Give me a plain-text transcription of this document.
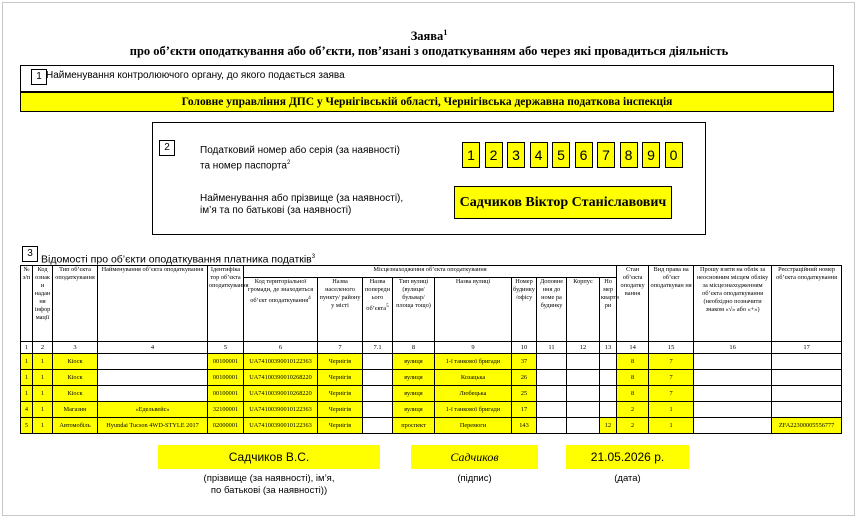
Заява$^1$
про об’єкти оподаткування або об’єкти, пов’язані з оподаткуванням або через які провадиться діяльність
1 Найменування контролюючого органу, до якого подається заява
Головне управління ДПС у Чернігівській області, Чернігівська державна податкова інспекція
2	Податковий номер або серія (за наявності)
та номер паспорта$^2$	1	2	3	4	5	6	7	8	9	0
Найменування або прізвище (за наявності),
ім’я та по батькові (за наявності)
Садчиков Віктор Станіславович
3 Відомості про об’єкти оподаткування платника податків$^3$
№ з/п	Код ознак и надан ня інфор мації	Тип об’єкта оподаткування	Найменування об’єкта оподаткування	Ідентифіка тор об’єкта оподаткування	Місцезнаходження об’єкта оподаткування									Стан об’єкта оподатку вання	Вид права на об’єкт оподаткуван ня	Прошу взяти на облік за неосновним місцем обліку за місцезнаходженням об’єкта оподаткування (необхідно позначити знаком «√» або «+»)	Реєстраційний номер об’єкта оподаткування
					Код територіальної громади, де знаходиться об’єкт оподаткування$^4$	Назва населеного пункту/ району у місті	Назва попередн ього об’єкта$^5$	Тип вулиці (вулиця/ бульвар/ площа тощо)	Назва вулиці	Номер будинку /офісу	Доповне ння до номе ра будинку	Корпус	Но мер кварти ри				
1	2	3	4	5	6	7	7.1	8	9	10	11	12	13	14	15	16	17
1	1	Кіоск		00100001	UA74100390010122363	Чернігів		вулиця	1-ї танкової бригади	37				8	7		
1	1	Кіоск		00100001	UA74100390010268220	Чернігів		вулиця	Козацька	26				8	7		
1	1	Кіоск		00100001	UA74100390010268220	Чернігів		вулиця	Любецька	25				8	7		
4	1	Магазин	«Едельвейс»	32100001	UA74100390010122363	Чернігів		вулиця	1-ї танкової бригади	17				2	1		
5	1	Автомобіль	Hyundai Tucson 4WD-STYLE 2017	02000001	UA74100390010122363	Чернігів		проспект	Перемоги	143			12	2	1		ZFA22300005556777
Садчиков В.С.	Садчиков	21.05.2026 р.
(прізвище (за наявності), ім’я,
по батькові (за наявності))
(підпис)	(дата)
